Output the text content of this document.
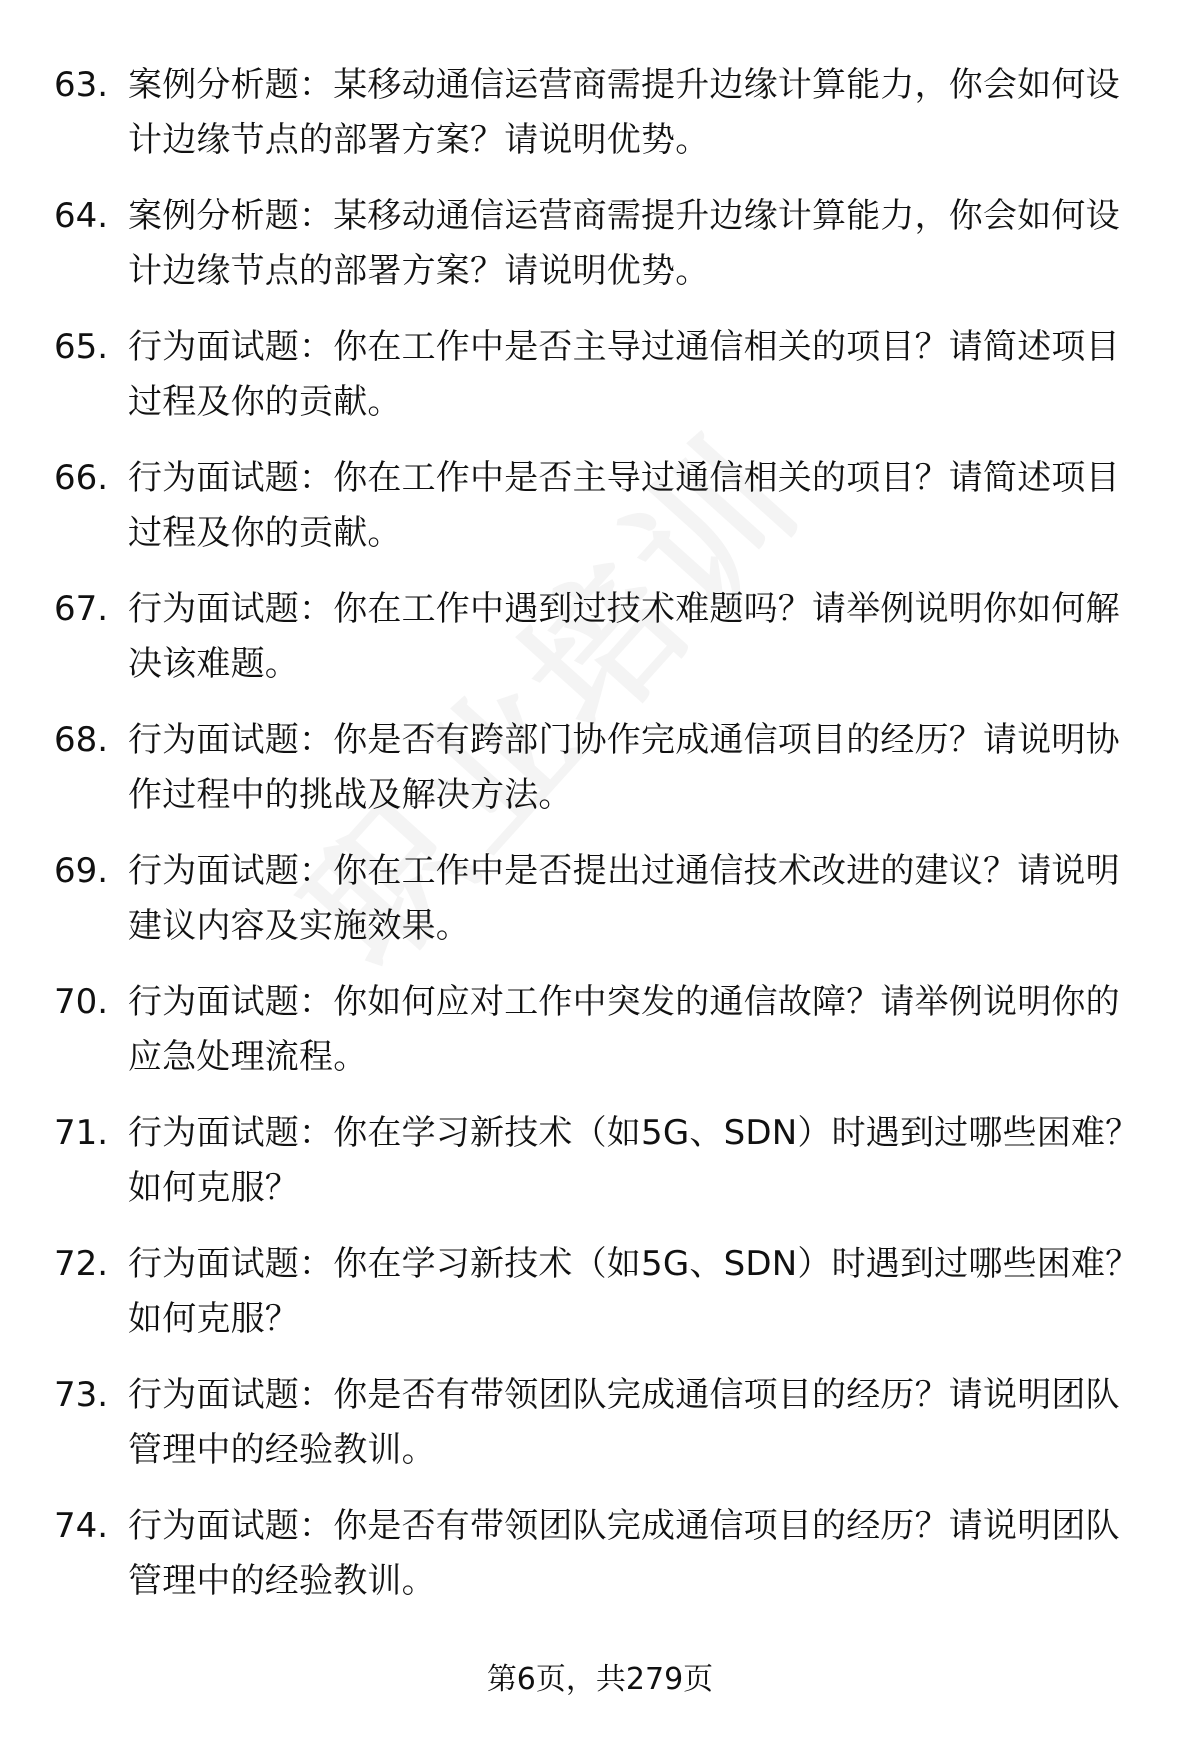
63. 案例分析题：某移动通信运营商需提升边缘计算能力，你会如何设计边缘节点的部署方案？请说明优势。
64. 案例分析题：某移动通信运营商需提升边缘计算能力，你会如何设计边缘节点的部署方案？请说明优势。
65. 行为面试题：你在工作中是否主导过通信相关的项目？请简述项目过程及你的贡献。
66. 行为面试题：你在工作中是否主导过通信相关的项目？请简述项目过程及你的贡献。
67. 行为面试题：你在工作中遇到过技术难题吗？请举例说明你如何解决该难题。
68. 行为面试题：你是否有跨部门协作完成通信项目的经历？请说明协作过程中的挑战及解决方法。
69. 行为面试题：你在工作中是否提出过通信技术改进的建议？请说明建议内容及实施效果。
70. 行为面试题：你如何应对工作中突发的通信故障？请举例说明你的应急处理流程。
71. 行为面试题：你在学习新技术（如5G、SDN）时遇到过哪些困难？如何克服？
72. 行为面试题：你在学习新技术（如5G、SDN）时遇到过哪些困难？如何克服？
73. 行为面试题：你是否有带领团队完成通信项目的经历？请说明团队管理中的经验教训。
74. 行为面试题：你是否有带领团队完成通信项目的经历？请说明团队管理中的经验教训。
第6页，共279页
